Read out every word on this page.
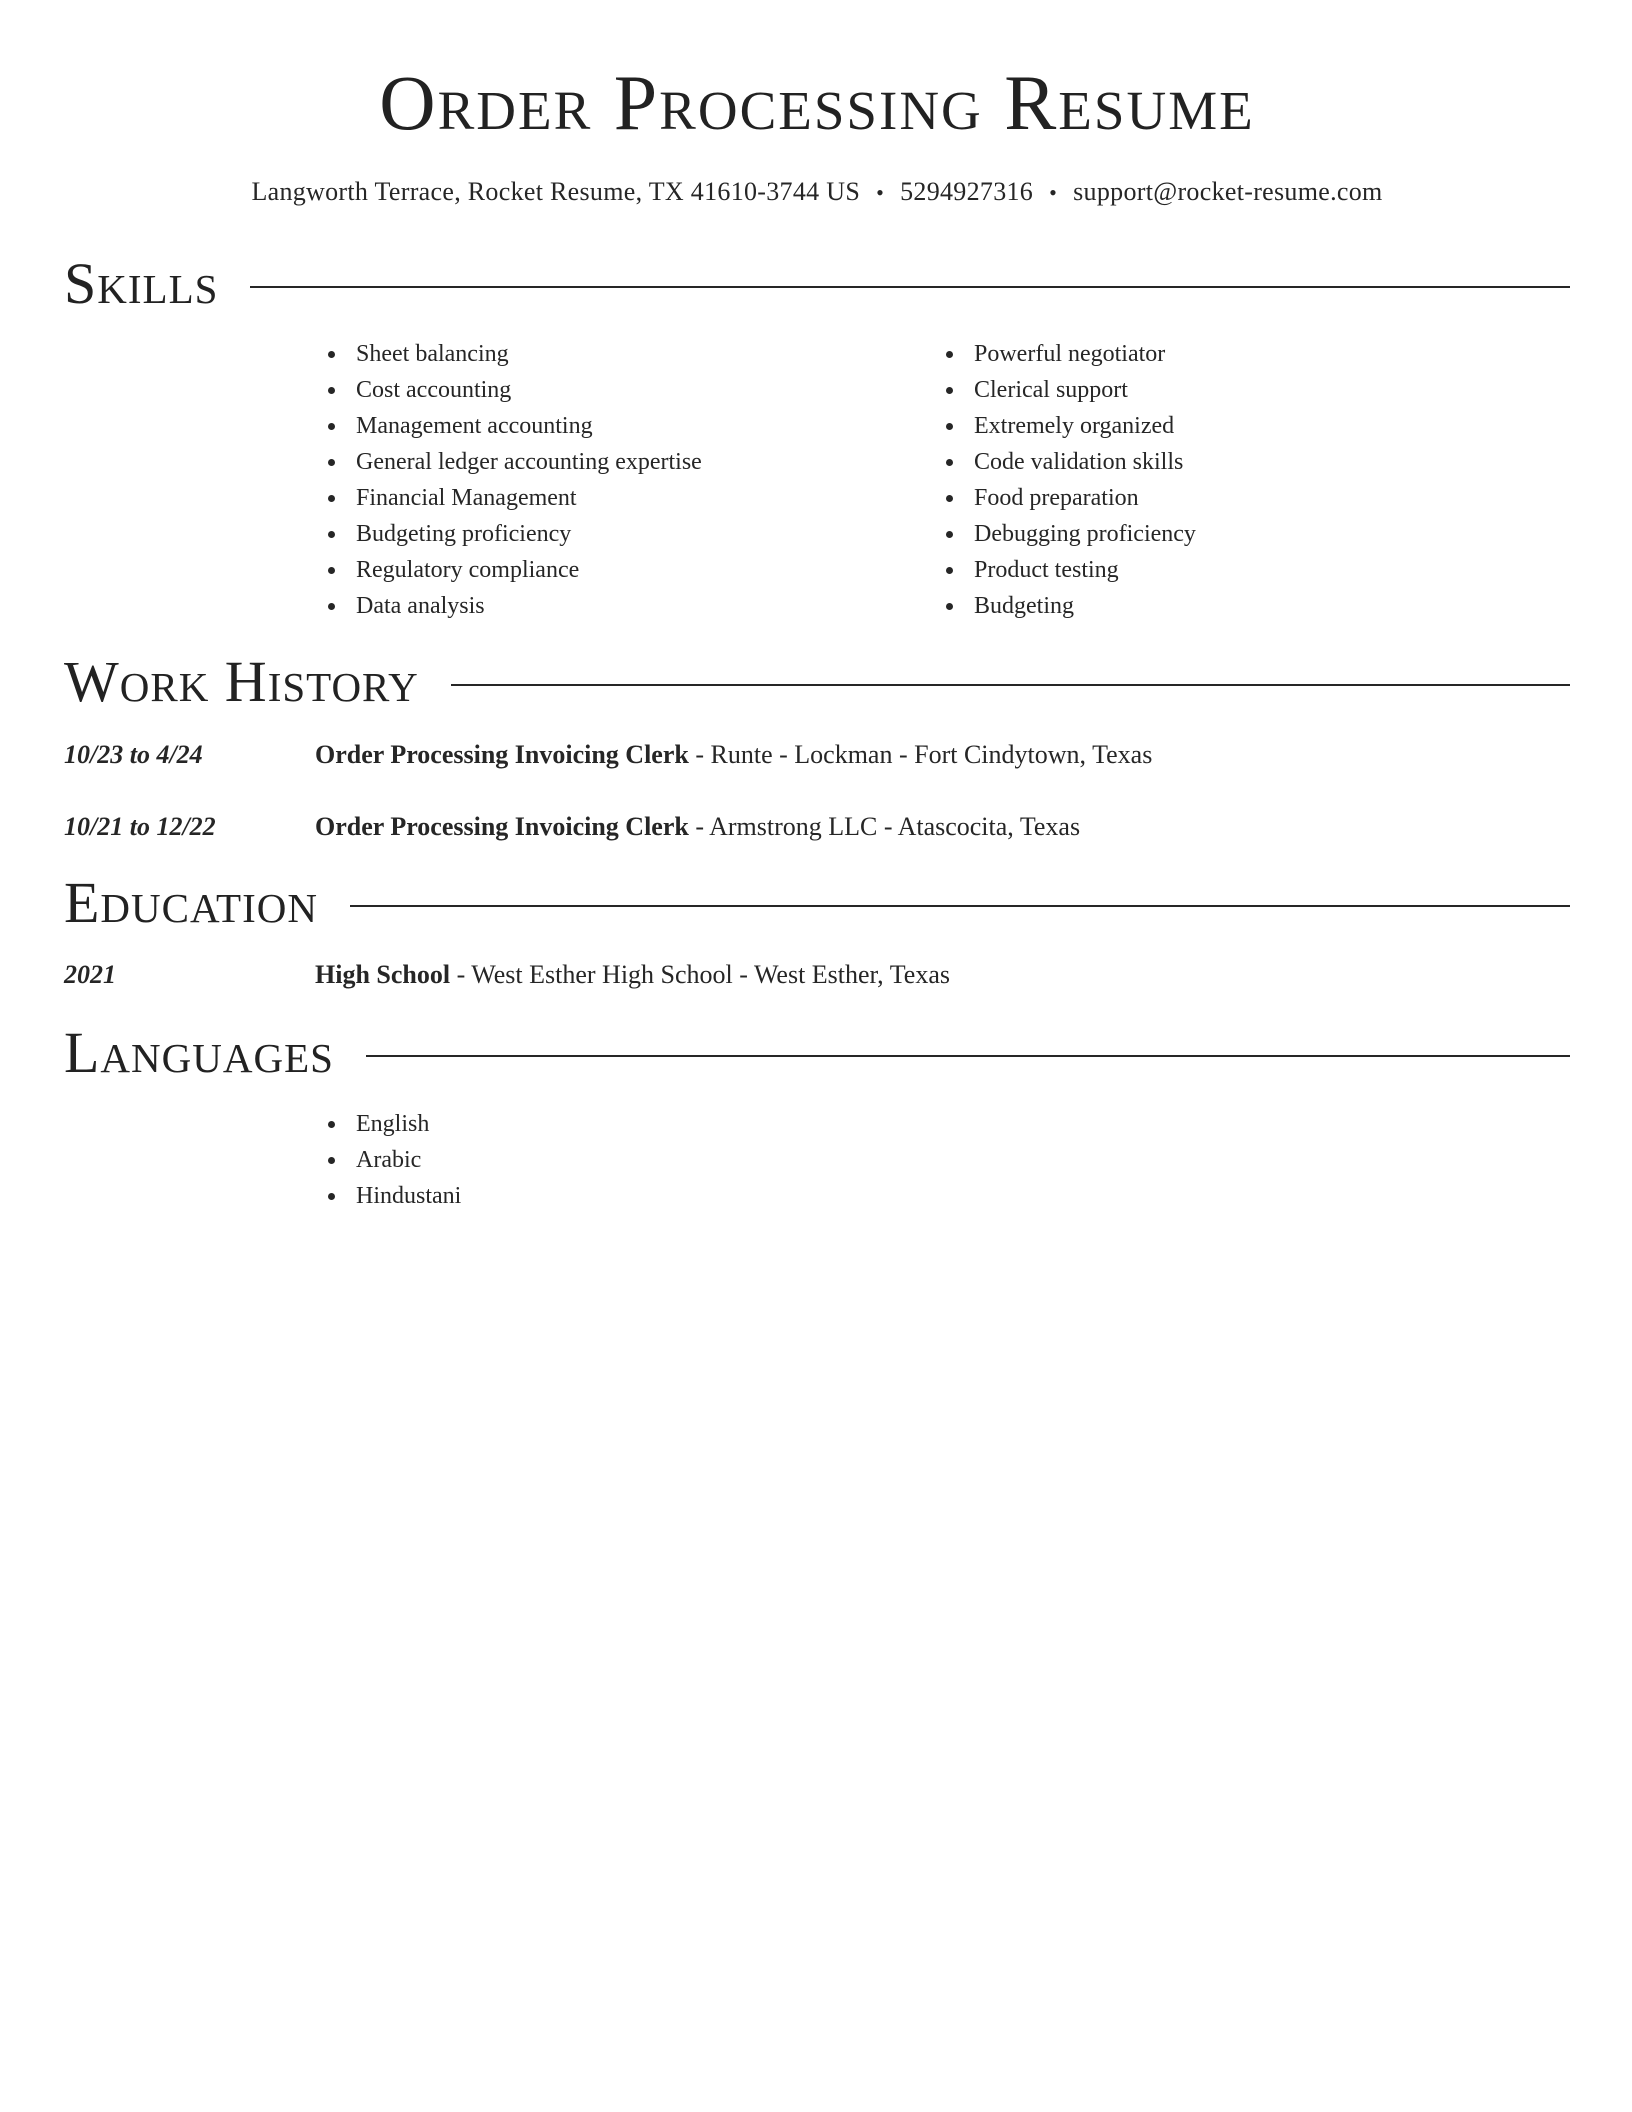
Order Processing Resume
Langworth Terrace, Rocket Resume, TX 41610-3744 US • 5294927316 • support@rocket-resume.com
Skills
Sheet balancing
Cost accounting
Management accounting
General ledger accounting expertise
Financial Management
Budgeting proficiency
Regulatory compliance
Data analysis
Powerful negotiator
Clerical support
Extremely organized
Code validation skills
Food preparation
Debugging proficiency
Product testing
Budgeting
Work History
10/23 to 4/24	Order Processing Invoicing Clerk - Runte - Lockman - Fort Cindytown, Texas
10/21 to 12/22	Order Processing Invoicing Clerk - Armstrong LLC - Atascocita, Texas
Education
2021	High School - West Esther High School - West Esther, Texas
Languages
English
Arabic
Hindustani
